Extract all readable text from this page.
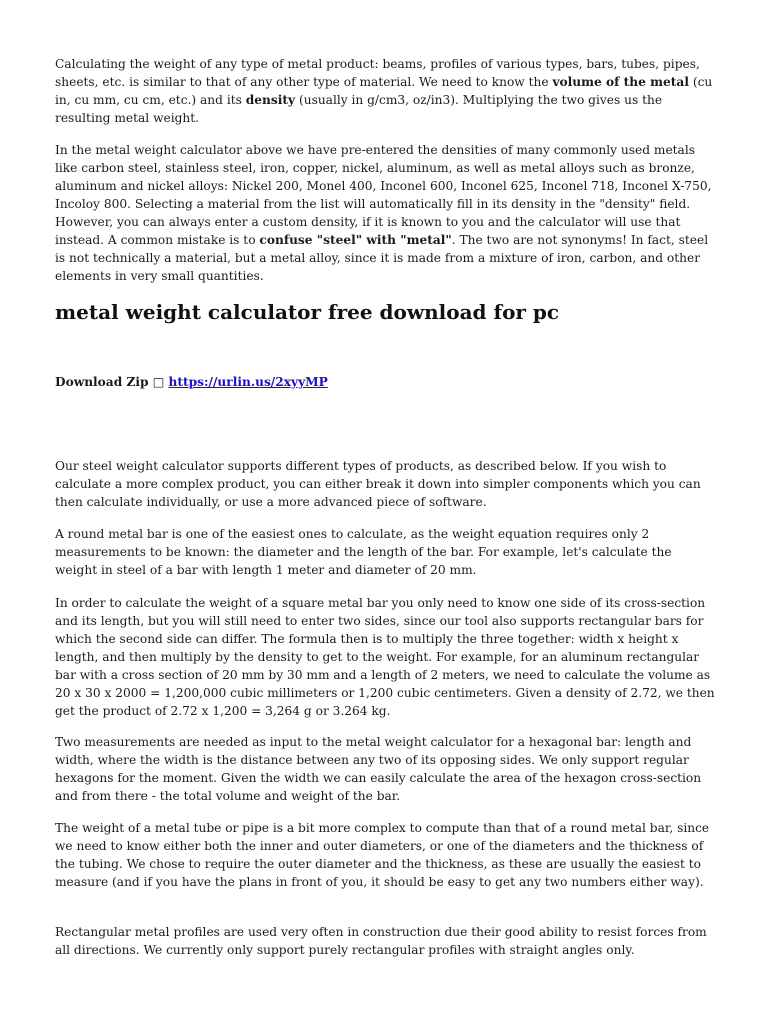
Calculating the weight of any type of metal product: beams, profiles of various types, bars, tubes, pipes, sheets, etc. is similar to that of any other type of material. We need to know the volume of the metal (cu in, cu mm, cu cm, etc.) and its density (usually in g/cm3, oz/in3). Multiplying the two gives us the resulting metal weight.

In the metal weight calculator above we have pre-entered the densities of many commonly used metals like carbon steel, stainless steel, iron, copper, nickel, aluminum, as well as metal alloys such as bronze, aluminum and nickel alloys: Nickel 200, Monel 400, Inconel 600, Inconel 625, Inconel 718, Inconel X-750, Incoloy 800. Selecting a material from the list will automatically fill in its density in the "density" field. However, you can always enter a custom density, if it is known to you and the calculator will use that instead. A common mistake is to confuse "steel" with "metal". The two are not synonyms! In fact, steel is not technically a material, but a metal alloy, since it is made from a mixture of iron, carbon, and other elements in very small quantities.

metal weight calculator free download for pc

Download Zip □ https://urlin.us/2xyyMP

Our steel weight calculator supports different types of products, as described below. If you wish to calculate a more complex product, you can either break it down into simpler components which you can then calculate individually, or use a more advanced piece of software.

A round metal bar is one of the easiest ones to calculate, as the weight equation requires only 2 measurements to be known: the diameter and the length of the bar. For example, let's calculate the weight in steel of a bar with length 1 meter and diameter of 20 mm.

In order to calculate the weight of a square metal bar you only need to know one side of its cross-section and its length, but you will still need to enter two sides, since our tool also supports rectangular bars for which the second side can differ. The formula then is to multiply the three together: width x height x length, and then multiply by the density to get to the weight. For example, for an aluminum rectangular bar with a cross section of 20 mm by 30 mm and a length of 2 meters, we need to calculate the volume as 20 x 30 x 2000 = 1,200,000 cubic millimeters or 1,200 cubic centimeters. Given a density of 2.72, we then get the product of 2.72 x 1,200 = 3,264 g or 3.264 kg.

Two measurements are needed as input to the metal weight calculator for a hexagonal bar: length and width, where the width is the distance between any two of its opposing sides. We only support regular hexagons for the moment. Given the width we can easily calculate the area of the hexagon cross-section and from there - the total volume and weight of the bar.

The weight of a metal tube or pipe is a bit more complex to compute than that of a round metal bar, since we need to know either both the inner and outer diameters, or one of the diameters and the thickness of the tubing. We chose to require the outer diameter and the thickness, as these are usually the easiest to measure (and if you have the plans in front of you, it should be easy to get any two numbers either way).

Rectangular metal profiles are used very often in construction due their good ability to resist forces from all directions. We currently only support purely rectangular profiles with straight angles only.
